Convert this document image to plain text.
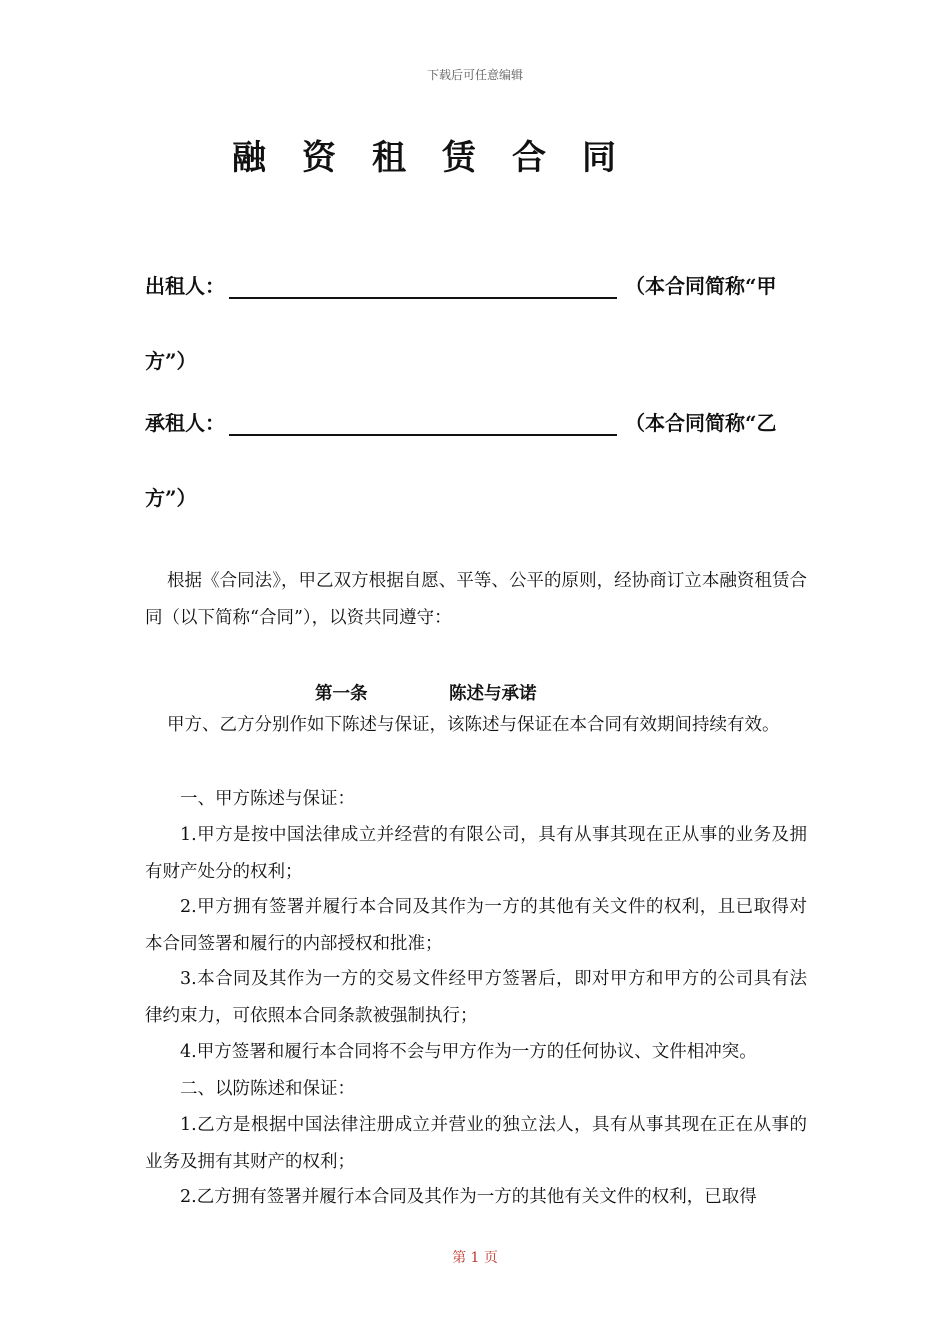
下载后可任意编辑
融资租赁合同
出租人：	（本合同简称“甲
方”）
承租人：	（本合同简称“乙
方”）
根据《合同法》，甲乙双方根据自愿、平等、公平的原则，经协商订立本融资租赁合同（以下简称“合同”），以资共同遵守：
第一条	陈述与承诺
甲方、乙方分别作如下陈述与保证，该陈述与保证在本合同有效期间持续有效。
一、甲方陈述与保证：
1.甲方是按中国法律成立并经营的有限公司，具有从事其现在正从事的业务及拥有财产处分的权利；
2.甲方拥有签署并履行本合同及其作为一方的其他有关文件的权利，且已取得对本合同签署和履行的内部授权和批准；
3.本合同及其作为一方的交易文件经甲方签署后，即对甲方和甲方的公司具有法律约束力，可依照本合同条款被强制执行；
4.甲方签署和履行本合同将不会与甲方作为一方的任何协议、文件相冲突。
二、以防陈述和保证：
1.乙方是根据中国法律注册成立并营业的独立法人，具有从事其现在正在从事的业务及拥有其财产的权利；
2.乙方拥有签署并履行本合同及其作为一方的其他有关文件的权利，已取得
第 1 页
